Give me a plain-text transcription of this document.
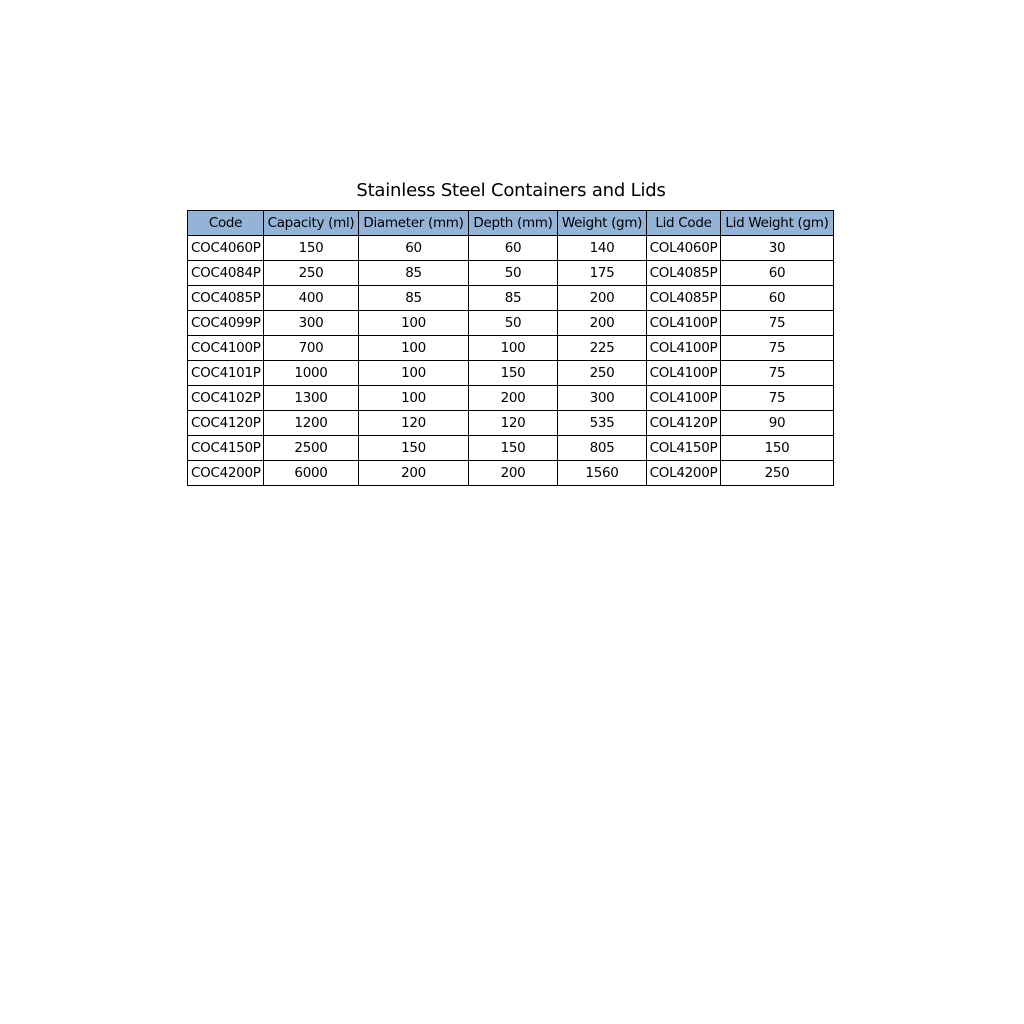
Stainless Steel Containers and Lids
Code	Capacity (ml)	Diameter (mm)	Depth (mm)	Weight (gm)	Lid Code	Lid Weight (gm)
COC4060P	150	60	60	140	COL4060P	30
COC4084P	250	85	50	175	COL4085P	60
COC4085P	400	85	85	200	COL4085P	60
COC4099P	300	100	50	200	COL4100P	75
COC4100P	700	100	100	225	COL4100P	75
COC4101P	1000	100	150	250	COL4100P	75
COC4102P	1300	100	200	300	COL4100P	75
COC4120P	1200	120	120	535	COL4120P	90
COC4150P	2500	150	150	805	COL4150P	150
COC4200P	6000	200	200	1560	COL4200P	250
